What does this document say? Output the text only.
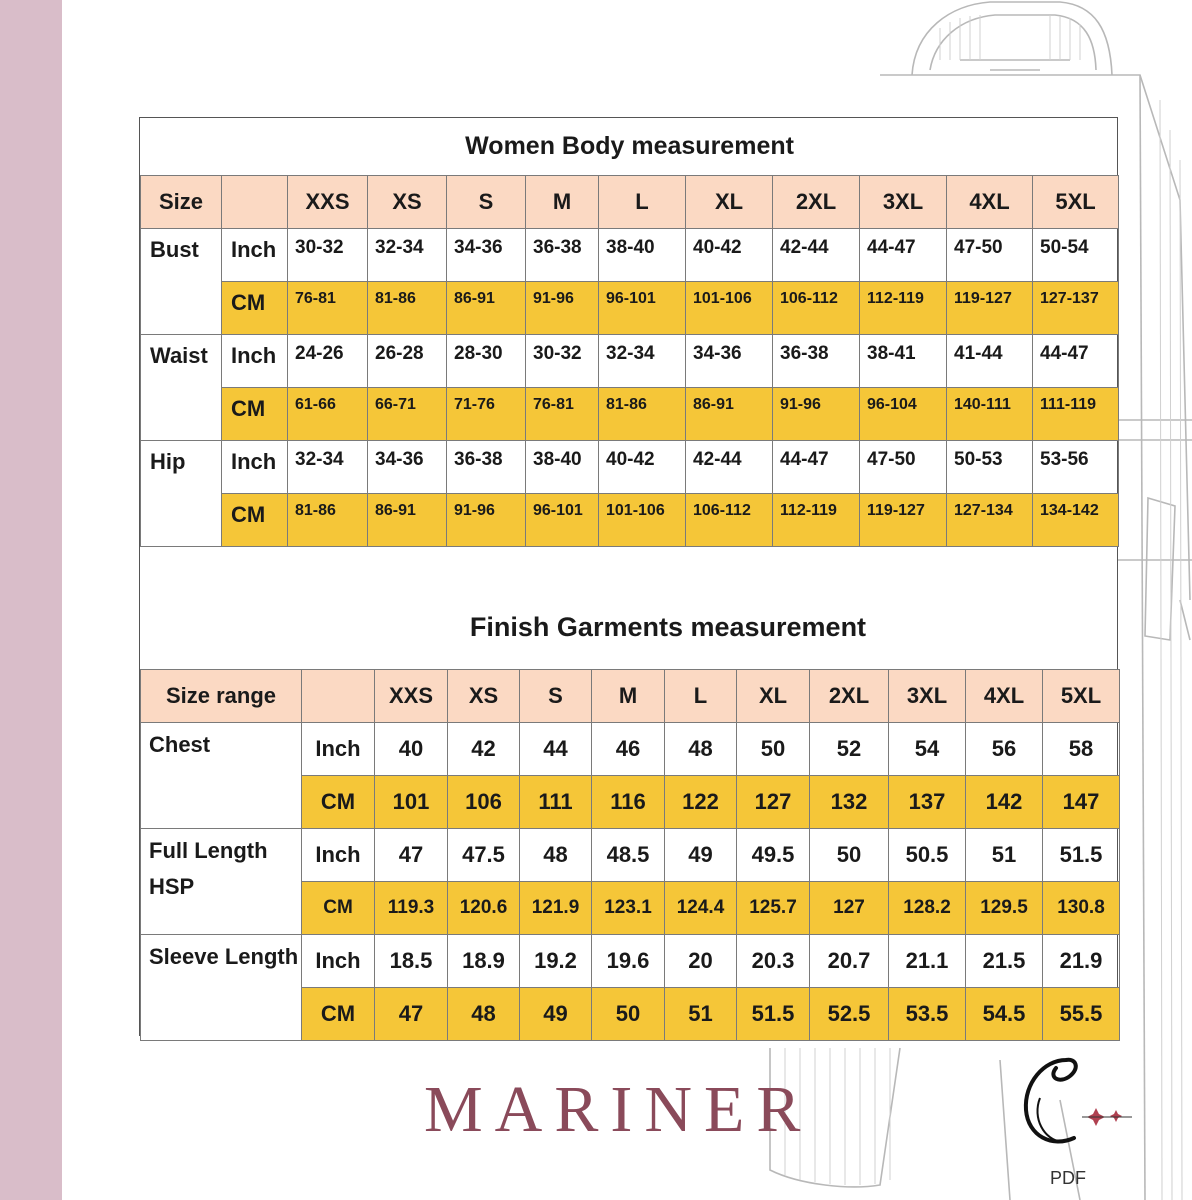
Women Body measurement											
Size		XXS	XS	S	M	L	XL	2XL	3XL	4XL	5XL
Bust	Inch	30-32	32-34	34-36	36-38	38-40	40-42	42-44	44-47	47-50	50-54
	CM	76-81	81-86	86-91	91-96	96-101	101-106	106-112	112-119	119-127	127-137
Waist	Inch	24-26	26-28	28-30	30-32	32-34	34-36	36-38	38-41	41-44	44-47
	CM	61-66	66-71	71-76	76-81	81-86	86-91	91-96	96-104	140-111	111-119
Hip	Inch	32-34	34-36	36-38	38-40	40-42	42-44	44-47	47-50	50-53	53-56
	CM	81-86	86-91	91-96	96-101	101-106	106-112	112-119	119-127	127-134	134-142
Finish Garments measurement
Size range		XXS	XS	S	M	L	XL	2XL	3XL	4XL	5XL
Chest	Inch	40	42	44	46	48	50	52	54	56	58
	CM	101	106	111	116	122	127	132	137	142	147
Full Length HSP	Inch	47	47.5	48	48.5	49	49.5	50	50.5	51	51.5
	CM	119.3	120.6	121.9	123.1	124.4	125.7	127	128.2	129.5	130.8
Sleeve Length	Inch	18.5	18.9	19.2	19.6	20	20.3	20.7	21.1	21.5	21.9
	CM	47	48	49	50	51	51.5	52.5	53.5	54.5	55.5
MARINER
PDF
